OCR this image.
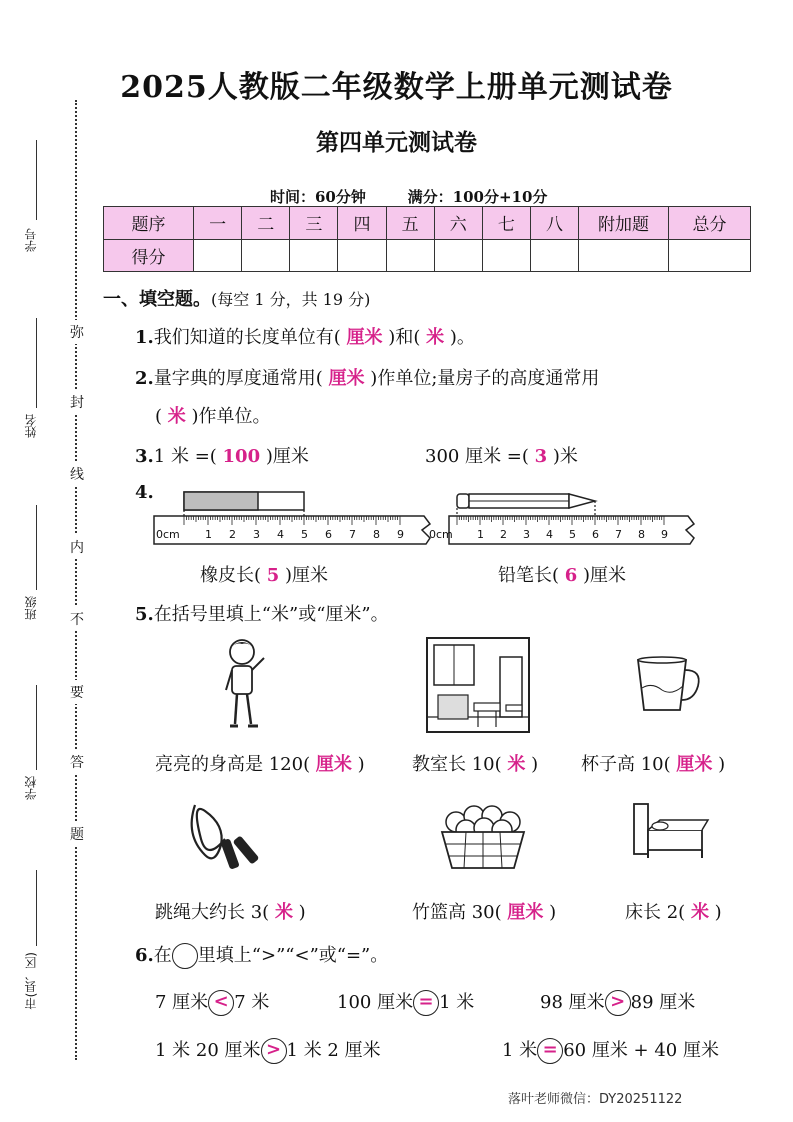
学号
姓名
班级
学校
市(县、区)
弥
封
线
内
不
要
答
题
2025人教版二年级数学上册单元测试卷
第四单元测试卷
时间：60分钟        满分：100分+10分
题序	一	二	三	四	五	六	七	八	附加题	总分
得分										
一、填空题。(每空 1 分，共 19 分)
1.我们知道的长度单位有( 厘米 )和( 米 )。
2.量字典的厚度通常用( 厘米 )作单位;量房子的高度通常用
( 米 )作单位。
3.1 米 =( 100 )厘米	300 厘米 =( 3 )米
4.
0cm 1 2 3 4 5 6 7 8 9 0cm 1 2 3 4 5 6 7 8 9
橡皮长( 5 )厘米	铅笔长( 6 )厘米
5.在括号里填上“米”或“厘米”。
亮亮的身高是 120( 厘米 )	教室长 10( 米 ) 杯子高 10( 厘米 )
跳绳大约长 3( 米 )	竹篮高 30( 厘米 )	床长 2( 米 )
6.在 里填上“>”“<”或“=”。
7 厘米 < 7 米	100 厘米 = 1 米	98 厘米 > 89 厘米
1 米 20 厘米 > 1 米 2 厘米	1 米 = 60 厘米 + 40 厘米
落叶老师微信：DY20251122
